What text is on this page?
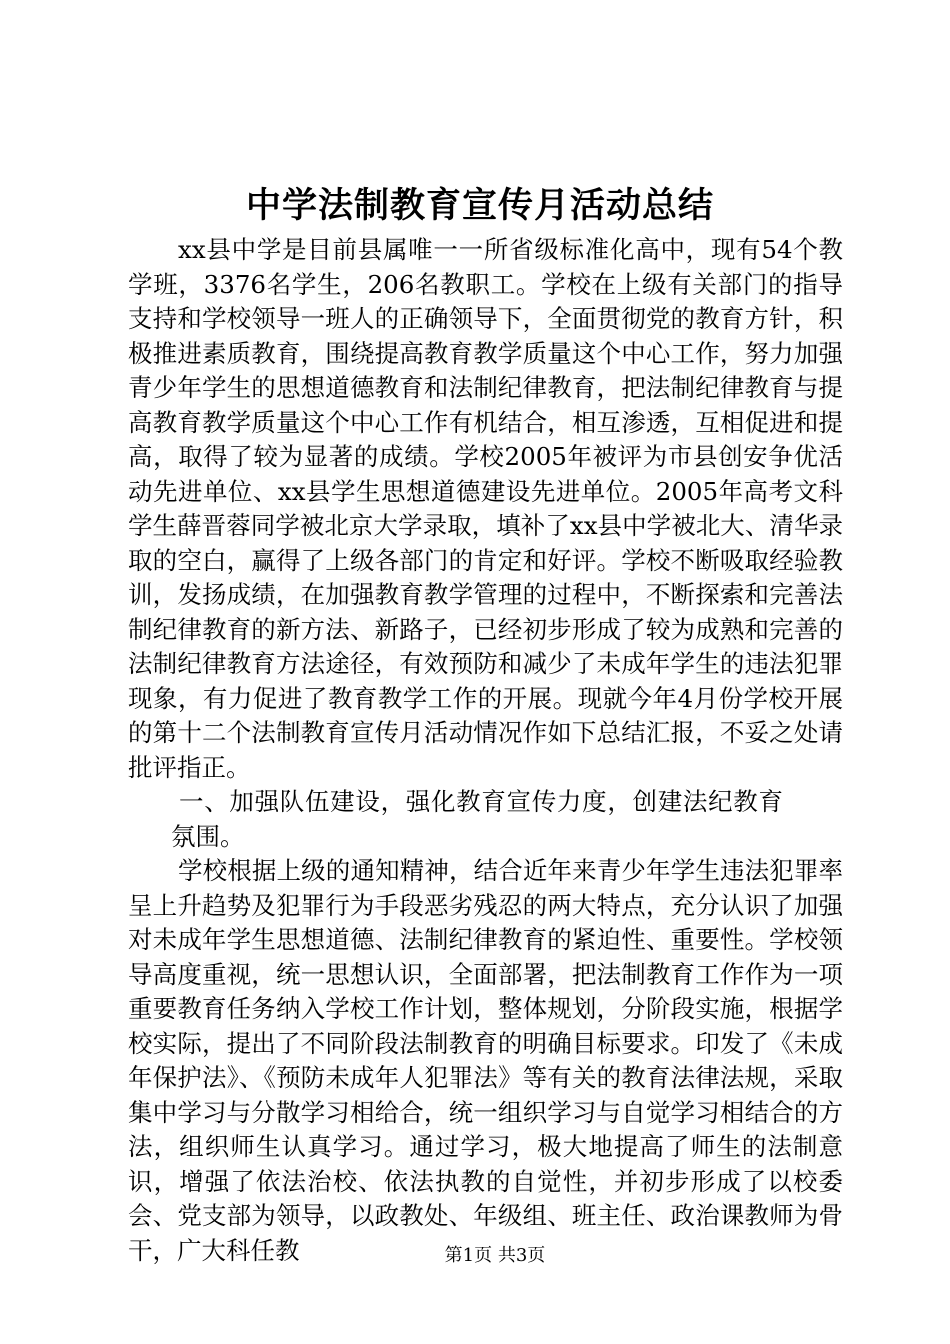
中学法制教育宣传月活动总结

xx县中学是目前县属唯一一所省级标准化高中，现有54个教学班，3376名学生，206名教职工。学校在上级有关部门的指导支持和学校领导一班人的正确领导下，全面贯彻党的教育方针，积极推进素质教育，围绕提高教育教学质量这个中心工作，努力加强青少年学生的思想道德教育和法制纪律教育，把法制纪律教育与提高教育教学质量这个中心工作有机结合，相互渗透，互相促进和提高，取得了较为显著的成绩。学校2005年被评为市县创安争优活动先进单位、xx县学生思想道德建设先进单位。2005年高考文科学生薛晋蓉同学被北京大学录取，填补了xx县中学被北大、清华录取的空白，赢得了上级各部门的肯定和好评。学校不断吸取经验教训，发扬成绩，在加强教育教学管理的过程中，不断探索和完善法制纪律教育的新方法、新路子，已经初步形成了较为成熟和完善的法制纪律教育方法途径，有效预防和减少了未成年学生的违法犯罪现象，有力促进了教育教学工作的开展。现就今年4月份学校开展的第十二个法制教育宣传月活动情况作如下总结汇报，不妥之处请批评指正。

一、加强队伍建设，强化教育宣传力度，创建法纪教育氛围。

学校根据上级的通知精神，结合近年来青少年学生违法犯罪率呈上升趋势及犯罪行为手段恶劣残忍的两大特点，充分认识了加强对未成年学生思想道德、法制纪律教育的紧迫性、重要性。学校领导高度重视，统一思想认识，全面部署，把法制教育工作作为一项重要教育任务纳入学校工作计划，整体规划，分阶段实施，根据学校实际，提出了不同阶段法制教育的明确目标要求。印发了《未成年保护法》、《预防未成年人犯罪法》等有关的教育法律法规，采取集中学习与分散学习相给合，统一组织学习与自觉学习相结合的方法，组织师生认真学习。通过学习，极大地提高了师生的法制意识，增强了依法治校、依法执教的自觉性，并初步形成了以校委会、党支部为领导，以政教处、年级组、班主任、政治课教师为骨干，广大科任教	第1页 共3页
